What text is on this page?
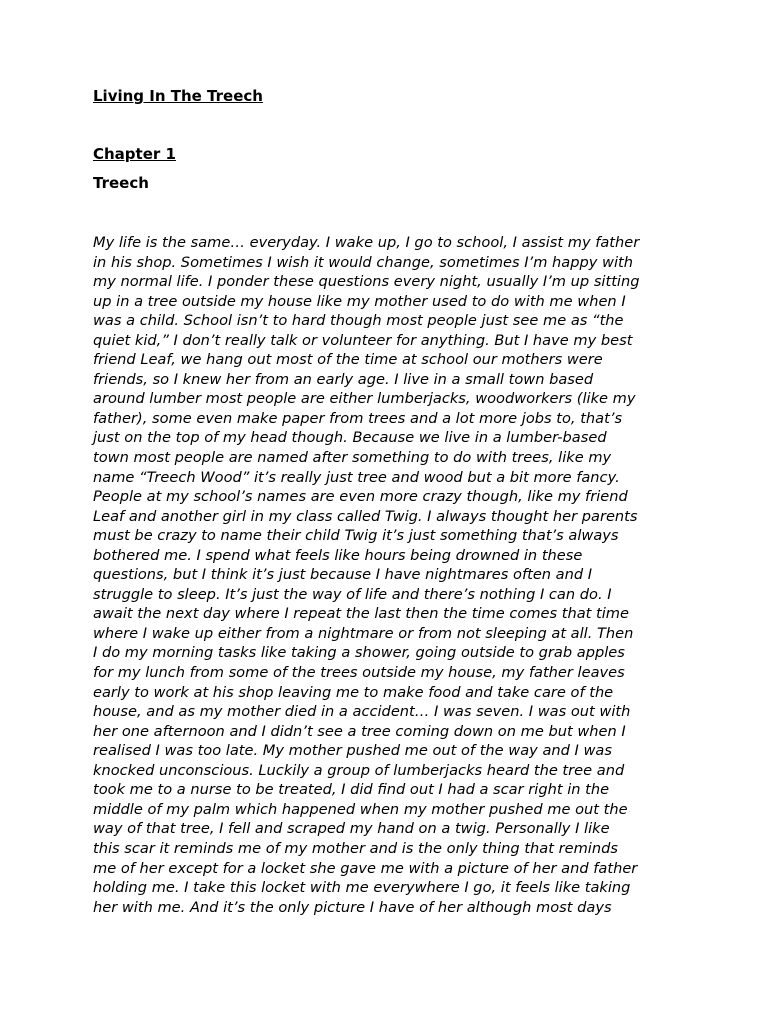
Living In The Treech
Chapter 1
Treech
My life is the same… everyday. I wake up, I go to school, I assist my father
in his shop. Sometimes I wish it would change, sometimes I’m happy with
my normal life. I ponder these questions every night, usually I’m up sitting
up in a tree outside my house like my mother used to do with me when I
was a child. School isn’t to hard though most people just see me as “the
quiet kid,” I don’t really talk or volunteer for anything. But I have my best
friend Leaf, we hang out most of the time at school our mothers were
friends, so I knew her from an early age. I live in a small town based
around lumber most people are either lumberjacks, woodworkers (like my
father), some even make paper from trees and a lot more jobs to, that’s
just on the top of my head though. Because we live in a lumber-based
town most people are named after something to do with trees, like my
name “Treech Wood” it’s really just tree and wood but a bit more fancy.
People at my school’s names are even more crazy though, like my friend
Leaf and another girl in my class called Twig. I always thought her parents
must be crazy to name their child Twig it’s just something that’s always
bothered me. I spend what feels like hours being drowned in these
questions, but I think it’s just because I have nightmares often and I
struggle to sleep. It’s just the way of life and there’s nothing I can do. I
await the next day where I repeat the last then the time comes that time
where I wake up either from a nightmare or from not sleeping at all. Then
I do my morning tasks like taking a shower, going outside to grab apples
for my lunch from some of the trees outside my house, my father leaves
early to work at his shop leaving me to make food and take care of the
house, and as my mother died in a accident… I was seven. I was out with
her one afternoon and I didn’t see a tree coming down on me but when I
realised I was too late. My mother pushed me out of the way and I was
knocked unconscious. Luckily a group of lumberjacks heard the tree and
took me to a nurse to be treated, I did find out I had a scar right in the
middle of my palm which happened when my mother pushed me out the
way of that tree, I fell and scraped my hand on a twig. Personally I like
this scar it reminds me of my mother and is the only thing that reminds
me of her except for a locket she gave me with a picture of her and father
holding me. I take this locket with me everywhere I go, it feels like taking
her with me. And it’s the only picture I have of her although most days
